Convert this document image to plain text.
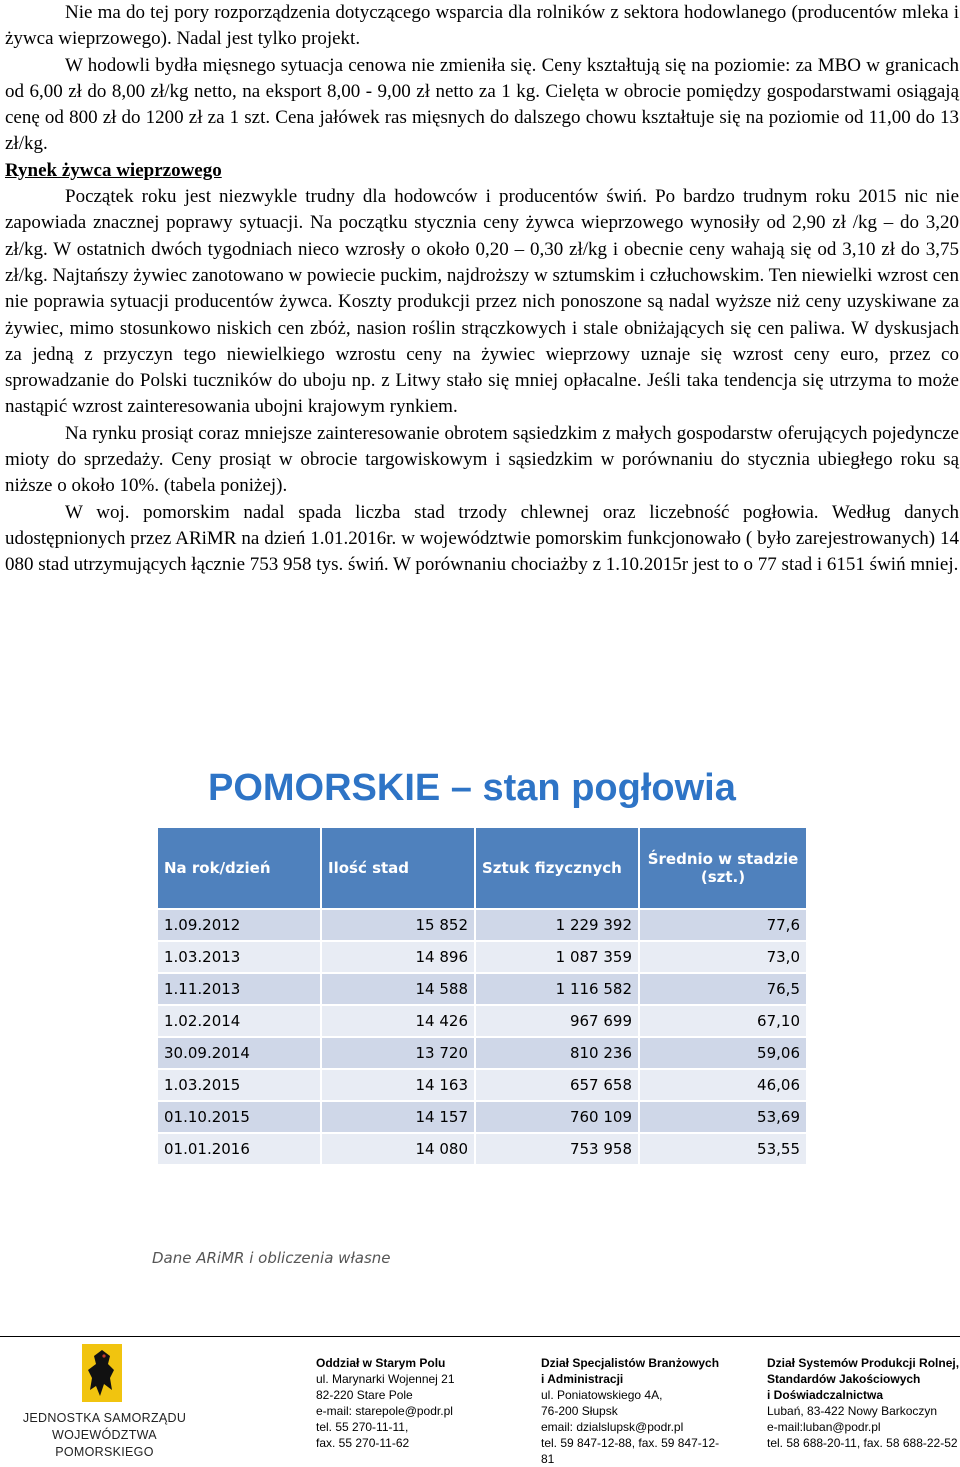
Nie ma do tej pory rozporządzenia dotyczącego wsparcia dla rolników z sektora hodowlanego (producentów mleka i żywca wieprzowego). Nadal jest tylko projekt.

W hodowli bydła mięsnego sytuacja cenowa nie zmieniła się. Ceny kształtują się na poziomie: za MBO w granicach od 6,00 zł do 8,00 zł/kg netto, na eksport 8,00 - 9,00 zł netto za 1 kg. Cielęta w obrocie pomiędzy gospodarstwami osiągają cenę od 800 zł do 1200 zł za 1 szt. Cena jałówek ras mięsnych do dalszego chowu kształtuje się na poziomie od 11,00 do 13 zł/kg.

Rynek żywca wieprzowego

Początek roku jest niezwykle trudny dla hodowców i producentów świń. Po bardzo trudnym roku 2015 nic nie zapowiada znacznej poprawy sytuacji. Na początku stycznia ceny żywca wieprzowego wynosiły od 2,90 zł /kg – do 3,20 zł/kg. W ostatnich dwóch tygodniach nieco wzrosły o około 0,20 – 0,30 zł/kg i obecnie ceny wahają się od 3,10 zł do 3,75 zł/kg. Najtańszy żywiec zanotowano w powiecie puckim, najdroższy w sztumskim i człuchowskim. Ten niewielki wzrost cen nie poprawia sytuacji producentów żywca. Koszty produkcji przez nich ponoszone są nadal wyższe niż ceny uzyskiwane za żywiec, mimo stosunkowo niskich cen zbóż, nasion roślin strączkowych i stale obniżających się cen paliwa. W dyskusjach za jedną z przyczyn tego niewielkiego wzrostu ceny na żywiec wieprzowy uznaje się wzrost ceny euro, przez co sprowadzanie do Polski tuczników do uboju np. z Litwy stało się mniej opłacalne. Jeśli taka tendencja się utrzyma to może nastąpić wzrost zainteresowania ubojni krajowym rynkiem.

Na rynku prosiąt coraz mniejsze zainteresowanie obrotem sąsiedzkim z małych gospodarstw oferujących pojedyncze mioty do sprzedaży. Ceny prosiąt w obrocie targowiskowym i sąsiedzkim w porównaniu do stycznia ubiegłego roku są niższe o około 10%. (tabela poniżej).

W woj. pomorskim nadal spada liczba stad trzody chlewnej oraz liczebność pogłowia. Według danych udostępnionych przez ARiMR na dzień 1.01.2016r. w województwie pomorskim funkcjonowało ( było zarejestrowanych) 14 080 stad utrzymujących łącznie 753 958 tys. świń. W porównaniu chociażby z 1.10.2015r jest to o 77 stad i 6151 świń mniej.

POMORSKIE – stan pogłowia
Na rok/dzień	Ilość stad	Sztuk fizycznych	Średnio w stadzie (szt.)
1.09.2012	15 852	1 229 392	77,6
1.03.2013	14 896	1 087 359	73,0
1.11.2013	14 588	1 116 582	76,5
1.02.2014	14 426	967 699	67,10
30.09.2014	13 720	810 236	59,06
1.03.2015	14 163	657 658	46,06
01.10.2015	14 157	760 109	53,69
01.01.2016	14 080	753 958	53,55
Dane ARiMR i obliczenia własne
JEDNOSTKA SAMORZĄDU
WOJEWÓDZTWA POMORSKIEGO
Oddział w Starym Polu
ul. Marynarki Wojennej 21
82-220 Stare Pole
e-mail: starepole@podr.pl
tel. 55 270-11-11,
fax. 55 270-11-62
Dział Specjalistów Branżowych
i Administracji
ul. Poniatowskiego 4A,
76-200 Słupsk
email: dzialslupsk@podr.pl
tel. 59 847-12-88, fax. 59 847-12-
81
Dział Systemów Produkcji Rolnej,
Standardów Jakościowych
i Doświadczalnictwa
Lubań, 83-422 Nowy Barkoczyn
e-mail:luban@podr.pl
tel. 58 688-20-11, fax. 58 688-22-52
